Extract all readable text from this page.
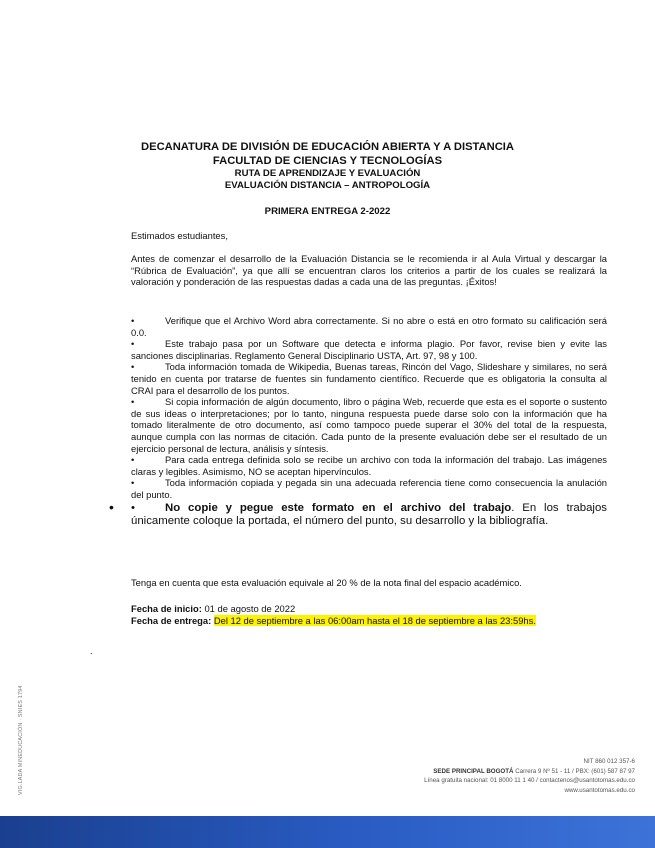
DECANATURA DE DIVISIÓN DE EDUCACIÓN ABIERTA Y A DISTANCIA
FACULTAD DE CIENCIAS Y TECNOLOGÍAS
RUTA DE APRENDIZAJE Y EVALUACIÓN
EVALUACIÓN DISTANCIA – ANTROPOLOGÍA
PRIMERA ENTREGA 2-2022
Estimados estudiantes,
Antes de comenzar el desarrollo de la Evaluación Distancia se le recomienda ir al Aula Virtual y descargar la “Rúbrica de Evaluación”, ya que allí se encuentran claros los criterios a partir de los cuales se realizará la valoración y ponderación de las respuestas dadas a cada una de las preguntas. ¡Éxitos!

•	Verifique que el Archivo Word abra correctamente. Si no abre o está en otro formato su calificación será 0.0.

•	Este trabajo pasa por un Software que detecta e informa plagio. Por favor, revise bien y evite las sanciones disciplinarias. Reglamento General Disciplinario USTA, Art. 97, 98 y 100.

•	Toda información tomada de Wikipedia, Buenas tareas, Rincón del Vago, Slideshare y similares, no será tenido en cuenta por tratarse de fuentes sin fundamento científico. Recuerde que es obligatoria la consulta al CRAI para el desarrollo de los puntos.

•	Si copia información de algún documento, libro o página Web, recuerde que esta es el soporte o sustento de sus ideas o interpretaciones; por lo tanto, ninguna respuesta puede darse solo con la información que ha tomado literalmente de otro documento, así como tampoco puede superar el 30% del total de la respuesta, aunque cumpla con las normas de citación. Cada punto de la presente evaluación debe ser el resultado de un ejercicio personal de lectura, análisis y síntesis.

•	Para cada entrega definida solo se recibe un archivo con toda la información del trabajo. Las imágenes claras y legibles. Asimismo, NO se aceptan hipervínculos.

•	Toda información copiada y pegada sin una adecuada referencia tiene como consecuencia la anulación del punto.

• •	No copie y pegue este formato en el archivo del trabajo. En los trabajos únicamente coloque la portada, el número del punto, su desarrollo y la bibliografía.

Tenga en cuenta que esta evaluación equivale al 20 % de la nota final del espacio académico.
Fecha de inicio: 01 de agosto de 2022
Fecha de entrega: Del 12 de septiembre a las 06:00am hasta el 18 de septiembre a las 23:59hs.
.
VIG.LADA MINEDUCACIÓN · SNIES 1794	NIT 860 012 357-6
SEDE PRINCIPAL BOGOTÁ Carrera 9 Nº 51 - 11 / PBX: (601) 587 87 97
Línea gratuita nacional: 01 8000 11 1 40 / contactenos@usantotomas.edu.co
www.usantotomas.edu.co
